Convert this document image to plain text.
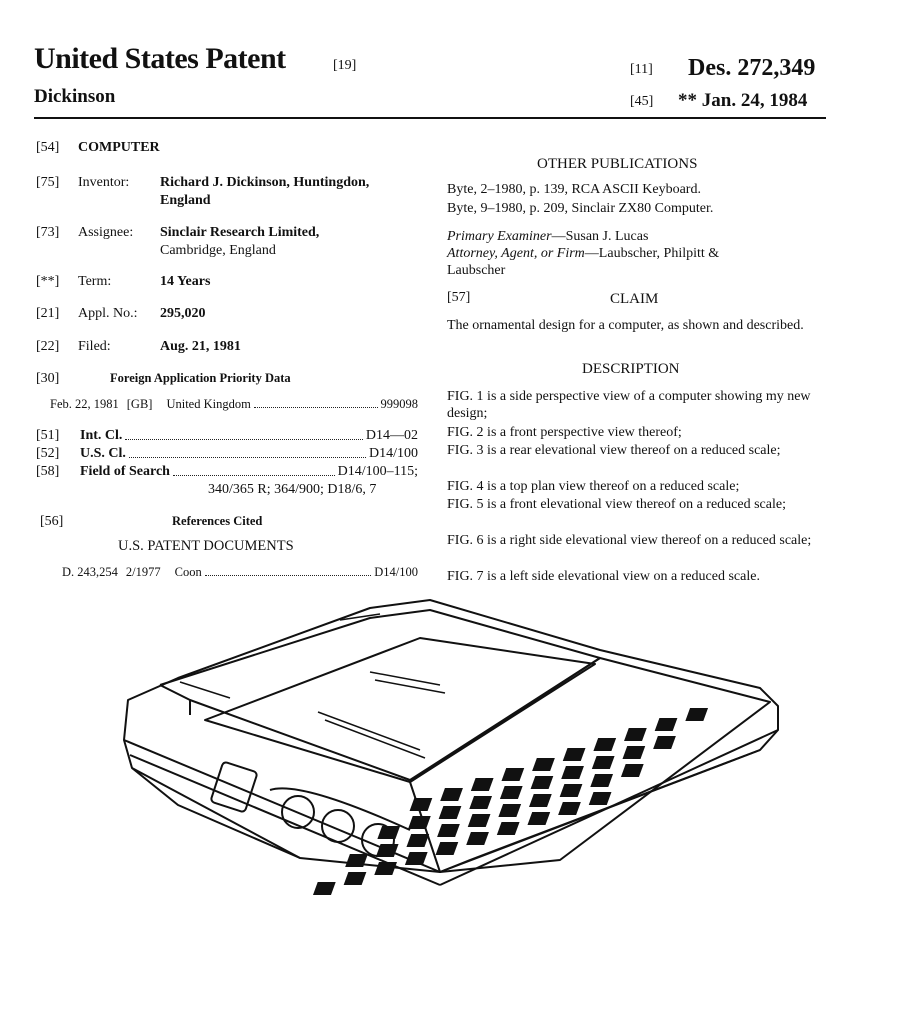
United States Patent	[19]
Dickinson
[11] Des. 272,349
[45] ** Jan. 24, 1984
[54] COMPUTER
[75] Inventor: Richard J. Dickinson, Huntingdon,
England
[73] Assignee: Sinclair Research Limited,
Cambridge, England
[**] Term:	14 Years
[21] Appl. No.: 295,020
[22] Filed:	Aug. 21, 1981
[30]	Foreign Application Priority Data
Feb. 22, 1981 [GB] United Kingdom	999098
[51] Int. Cl.	D14—02
[52] U.S. Cl.	D14/100
[58] Field of Search	D14/100–115;
340/365 R; 364/900; D18/6, 7
[56]	References Cited
U.S. PATENT DOCUMENTS
D. 243,254 2/1977 Coon	D14/100
OTHER PUBLICATIONS
Byte, 2–1980, p. 139, RCA ASCII Keyboard.
Byte, 9–1980, p. 209, Sinclair ZX80 Computer.
Primary Examiner—Susan J. Lucas
Attorney, Agent, or Firm—Laubscher, Philpitt &
Laubscher
[57]	CLAIM
The ornamental design for a computer, as shown and described.
DESCRIPTION
FIG. 1 is a side perspective view of a computer showing my new design;
FIG. 2 is a front perspective view thereof;
FIG. 3 is a rear elevational view thereof on a reduced scale;
FIG. 4 is a top plan view thereof on a reduced scale;
FIG. 5 is a front elevational view thereof on a reduced scale;
FIG. 6 is a right side elevational view thereof on a reduced scale;
FIG. 7 is a left side elevational view on a reduced scale.
